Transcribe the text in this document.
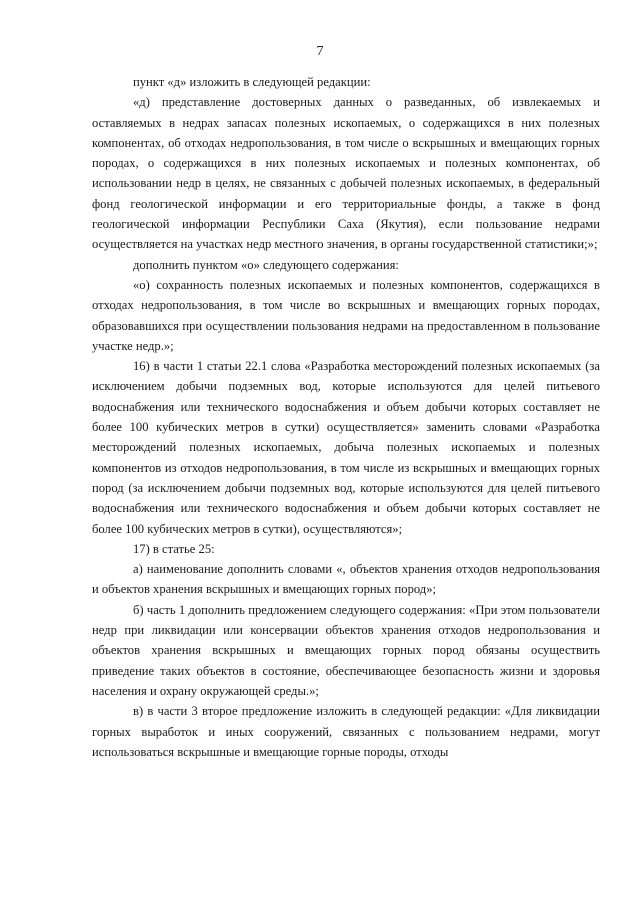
7

пункт «д» изложить в следующей редакции:

«д) представление достоверных данных о разведанных, об извлекаемых и оставляемых в недрах запасах полезных ископаемых, о содержащихся в них полезных компонентах, об отходах недропользования, в том числе о вскрышных и вмещающих горных породах, о содержащихся в них полезных ископаемых и полезных компонентах, об использовании недр в целях, не связанных с добычей полезных ископаемых, в федеральный фонд геологической информации и его территориальные фонды, а также в фонд геологической информации Республики Саха (Якутия), если пользование недрами осуществляется на участках недр местного значения, в органы государственной статистики;»;

дополнить пунктом «о» следующего содержания:

«о) сохранность полезных ископаемых и полезных компонентов, содержащихся в отходах недропользования, в том числе во вскрышных и вмещающих горных породах, образовавшихся при осуществлении пользования недрами на предоставленном в пользование участке недр.»;

16) в части 1 статьи 22.1 слова «Разработка месторождений полезных ископаемых (за исключением добычи подземных вод, которые используются для целей питьевого водоснабжения или технического водоснабжения и объем добычи которых составляет не более 100 кубических метров в сутки) осуществляется» заменить словами «Разработка месторождений полезных ископаемых, добыча полезных ископаемых и полезных компонентов из отходов недропользования, в том числе из вскрышных и вмещающих горных пород (за исключением добычи подземных вод, которые используются для целей питьевого водоснабжения или технического водоснабжения и объем добычи которых составляет не более 100 кубических метров в сутки), осуществляются»;

17) в статье 25:

а) наименование дополнить словами «, объектов хранения отходов недропользования и объектов хранения вскрышных и вмещающих горных пород»;

б) часть 1 дополнить предложением следующего содержания: «При этом пользователи недр при ликвидации или консервации объектов хранения отходов недропользования и объектов хранения вскрышных и вмещающих горных пород обязаны осуществить приведение таких объектов в состояние, обеспечивающее безопасность жизни и здоровья населения и охрану окружающей среды.»;

в) в части 3 второе предложение изложить в следующей редакции: «Для ликвидации горных выработок и иных сооружений, связанных с пользованием недрами, могут использоваться вскрышные и вмещающие горные породы, отходы
